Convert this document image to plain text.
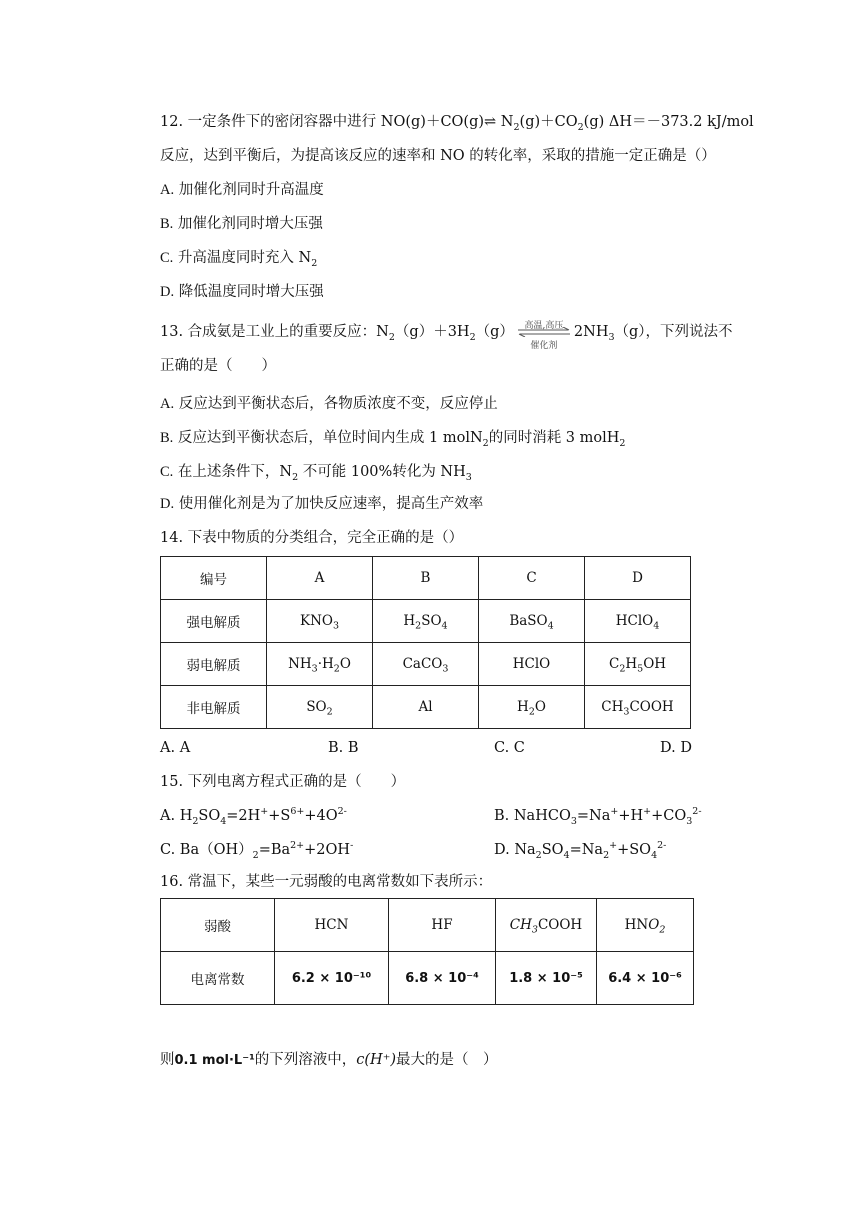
12. 一定条件下的密闭容器中进行 NO(g)＋CO(g)⇌ $N_2(g)+CO_2(g)$ ΔH＝－373.2 kJ/mol
反应，达到平衡后，为提高该反应的速率和 NO 的转化率，采取的措施一定正确是（）
A. 加催化剂同时升高温度
B. 加催化剂同时增大压强
C. 升高温度同时充入 $N_2$
D. 降低温度同时增大压强
13. 合成氨是工业上的重要反应：$N_2(g)+3H_2(g)$	高温,高压
催化剂
$2NH_3(g)$，下列说法不
正确的是（　　）
A. 反应达到平衡状态后，各物质浓度不变，反应停止
B. 反应达到平衡状态后，单位时间内生成 1 molN$_2$的同时消耗 3 molH$_2$
C. 在上述条件下，$N_2$ 不可能 100%转化为 $NH_3$
D. 使用催化剂是为了加快反应速率，提高生产效率
14. 下表中物质的分类组合，完全正确的是（）
编号	A	B	C	D
强电解质	$KNO_3$	$H_2SO_4$	BaSO$_4$	HClO$_4$
弱电解质	$NH_3\cdot H_2O$	CaCO$_3$	HClO	$C_2H_5OH$
非电解质	$SO_2$	Al	$H_2O$	$CH_3COOH$
A. A	B. B	C. C	D. D
15. 下列电离方程式正确的是（　　）
A. $H_2SO_4=2H^++S^{6+}+4O^{2-}$	B. $NaHCO_3=Na^++H^++CO_3^{2-}$
C. $Ba(OH)_2=Ba^{2+}+2OH^-$	D. $Na_2SO_4=Na_2^++SO_4^{2-}$
16. 常温下，某些一元弱酸的电离常数如下表所示：
弱酸	HCN	HF	$CH_3COOH$	$HNO_2$
电离常数	6.2 × 10⁻¹⁰	6.8 × 10⁻⁴	1.8 × 10⁻⁵	6.4 × 10⁻⁶
则0.1 mol·L⁻¹的下列溶液中，c(H⁺)最大的是（　）
